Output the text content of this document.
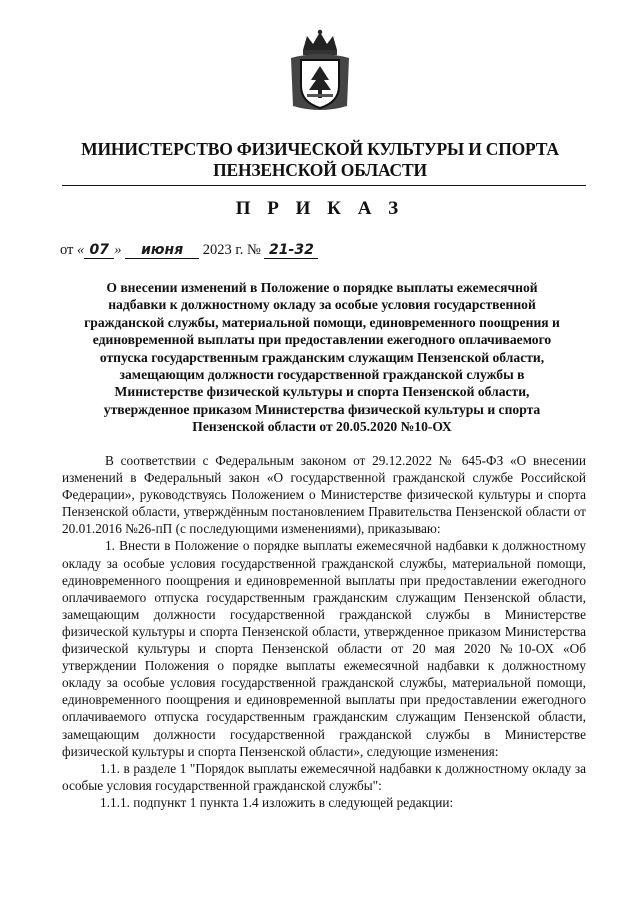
МИНИСТЕРСТВО ФИЗИЧЕСКОЙ КУЛЬТУРЫ И СПОРТА
ПЕНЗЕНСКОЙ ОБЛАСТИ
П Р И К А З
от « 07 » июня 2023 г. № 21-32
О внесении изменений в Положение о порядке выплаты ежемесячной
надбавки к должностному окладу за особые условия государственной
гражданской службы, материальной помощи, единовременного поощрения и
единовременной выплаты при предоставлении ежегодного оплачиваемого
отпуска государственным гражданским служащим Пензенской области,
замещающим должности государственной гражданской службы в
Министерстве физической культуры и спорта Пензенской области,
утвержденное приказом Министерства физической культуры и спорта
Пензенской области от 20.05.2020 №10-ОХ

В соответствии с Федеральным законом от 29.12.2022 № 645-ФЗ «О внесении изменений в Федеральный закон «О государственной гражданской службе Российской Федерации», руководствуясь Положением о Министерстве физической культуры и спорта Пензенской области, утверждённым постановлением Правительства Пензенской области от 20.01.2016 №26-пП (с последующими изменениями), приказываю:

1. Внести в Положение о порядке выплаты ежемесячной надбавки к должностному окладу за особые условия государственной гражданской службы, материальной помощи, единовременного поощрения и единовременной выплаты при предоставлении ежегодного оплачиваемого отпуска государственным гражданским служащим Пензенской области, замещающим должности государственной гражданской службы в Министерстве физической культуры и спорта Пензенской области, утвержденное приказом Министерства физической культуры и спорта Пензенской области от 20 мая 2020 №10-ОХ «Об утверждении Положения о порядке выплаты ежемесячной надбавки к должностному окладу за особые условия государственной гражданской службы, материальной помощи, единовременного поощрения и единовременной выплаты при предоставлении ежегодного оплачиваемого отпуска государственным гражданским служащим Пензенской области, замещающим должности государственной гражданской службы в Министерстве физической культуры и спорта Пензенской области», следующие изменения:

1.1. в разделе 1 "Порядок выплаты ежемесячной надбавки к должностному окладу за особые условия государственной гражданской службы":

1.1.1. подпункт 1 пункта 1.4 изложить в следующей редакции:
